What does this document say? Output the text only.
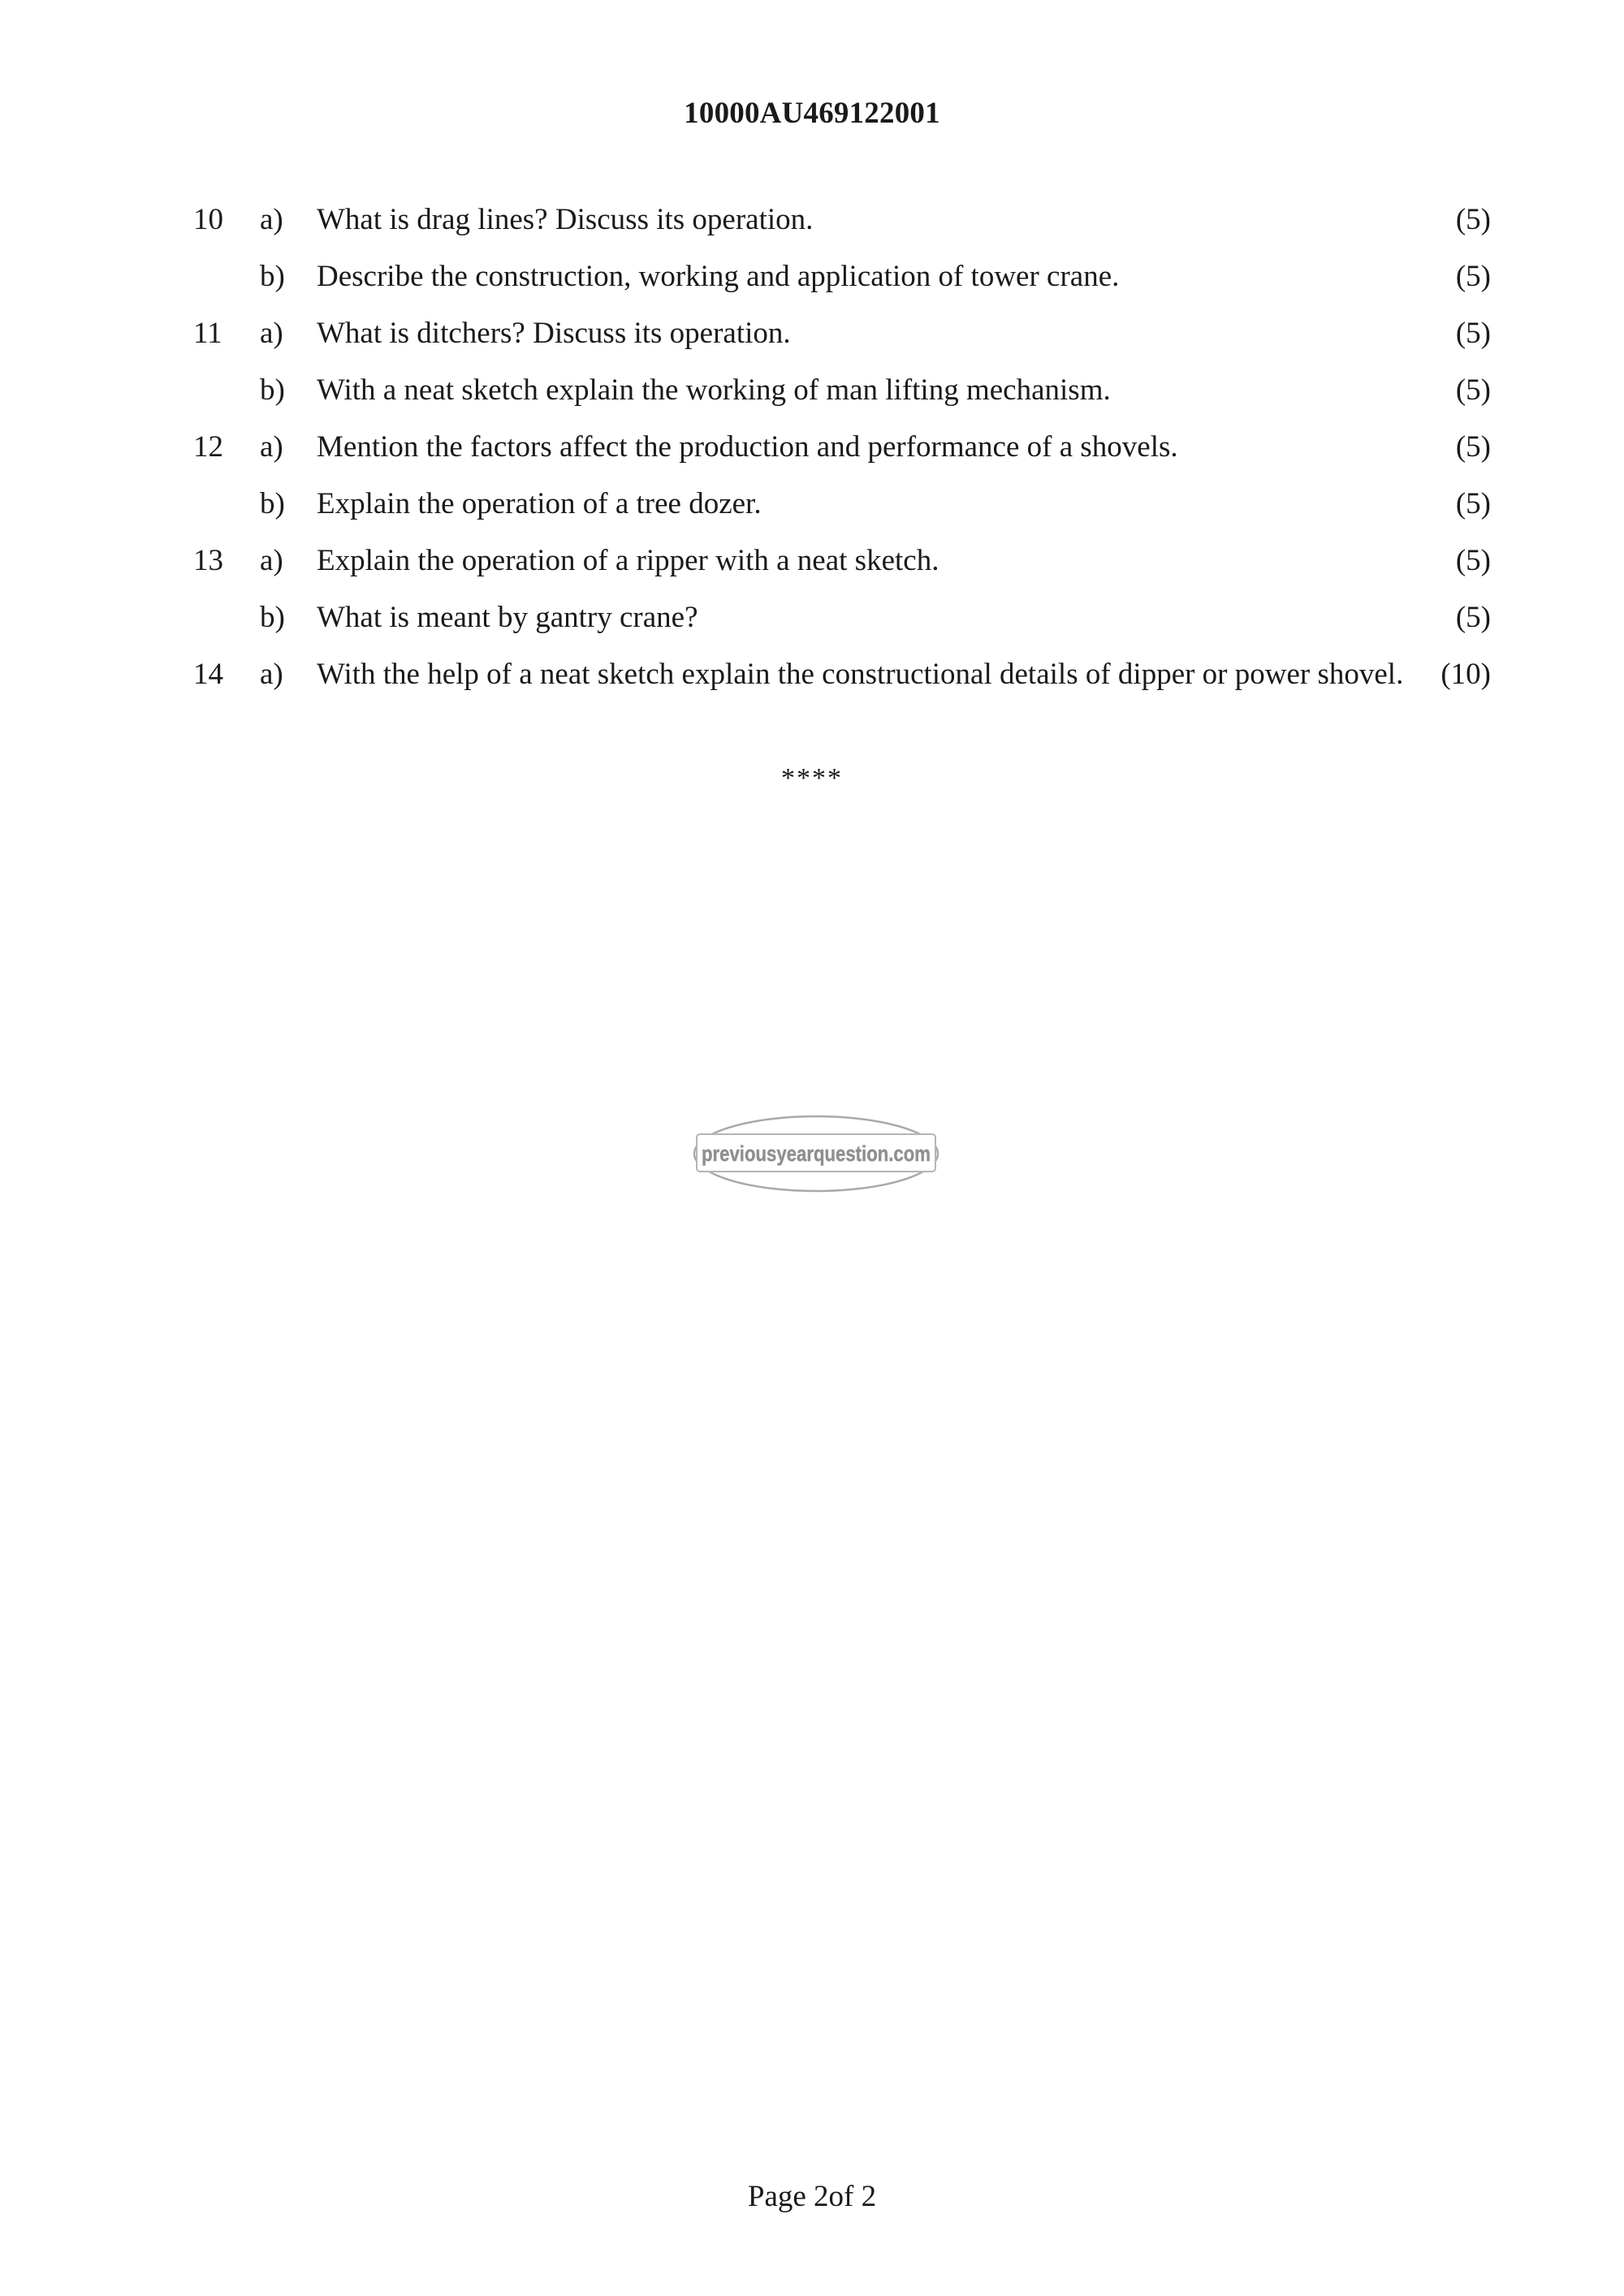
10000AU469122001
10	a)	What is drag lines? Discuss its operation.	(5)
b)	Describe the construction, working and application of tower crane.	(5)
11	a)	What is ditchers? Discuss its operation.	(5)
b)	With a neat sketch explain the working of man lifting mechanism.	(5)
12	a)	Mention the factors affect the production and performance of a shovels.	(5)
b)	Explain the operation of a tree dozer.	(5)
13	a)	Explain the operation of a ripper with a neat sketch.	(5)
b)	What is meant by gantry crane?	(5)
14	a)	With the help of a neat sketch explain the constructional details of dipper or power shovel.	(10)
****
previousyearquestion.com
Page 2of 2
